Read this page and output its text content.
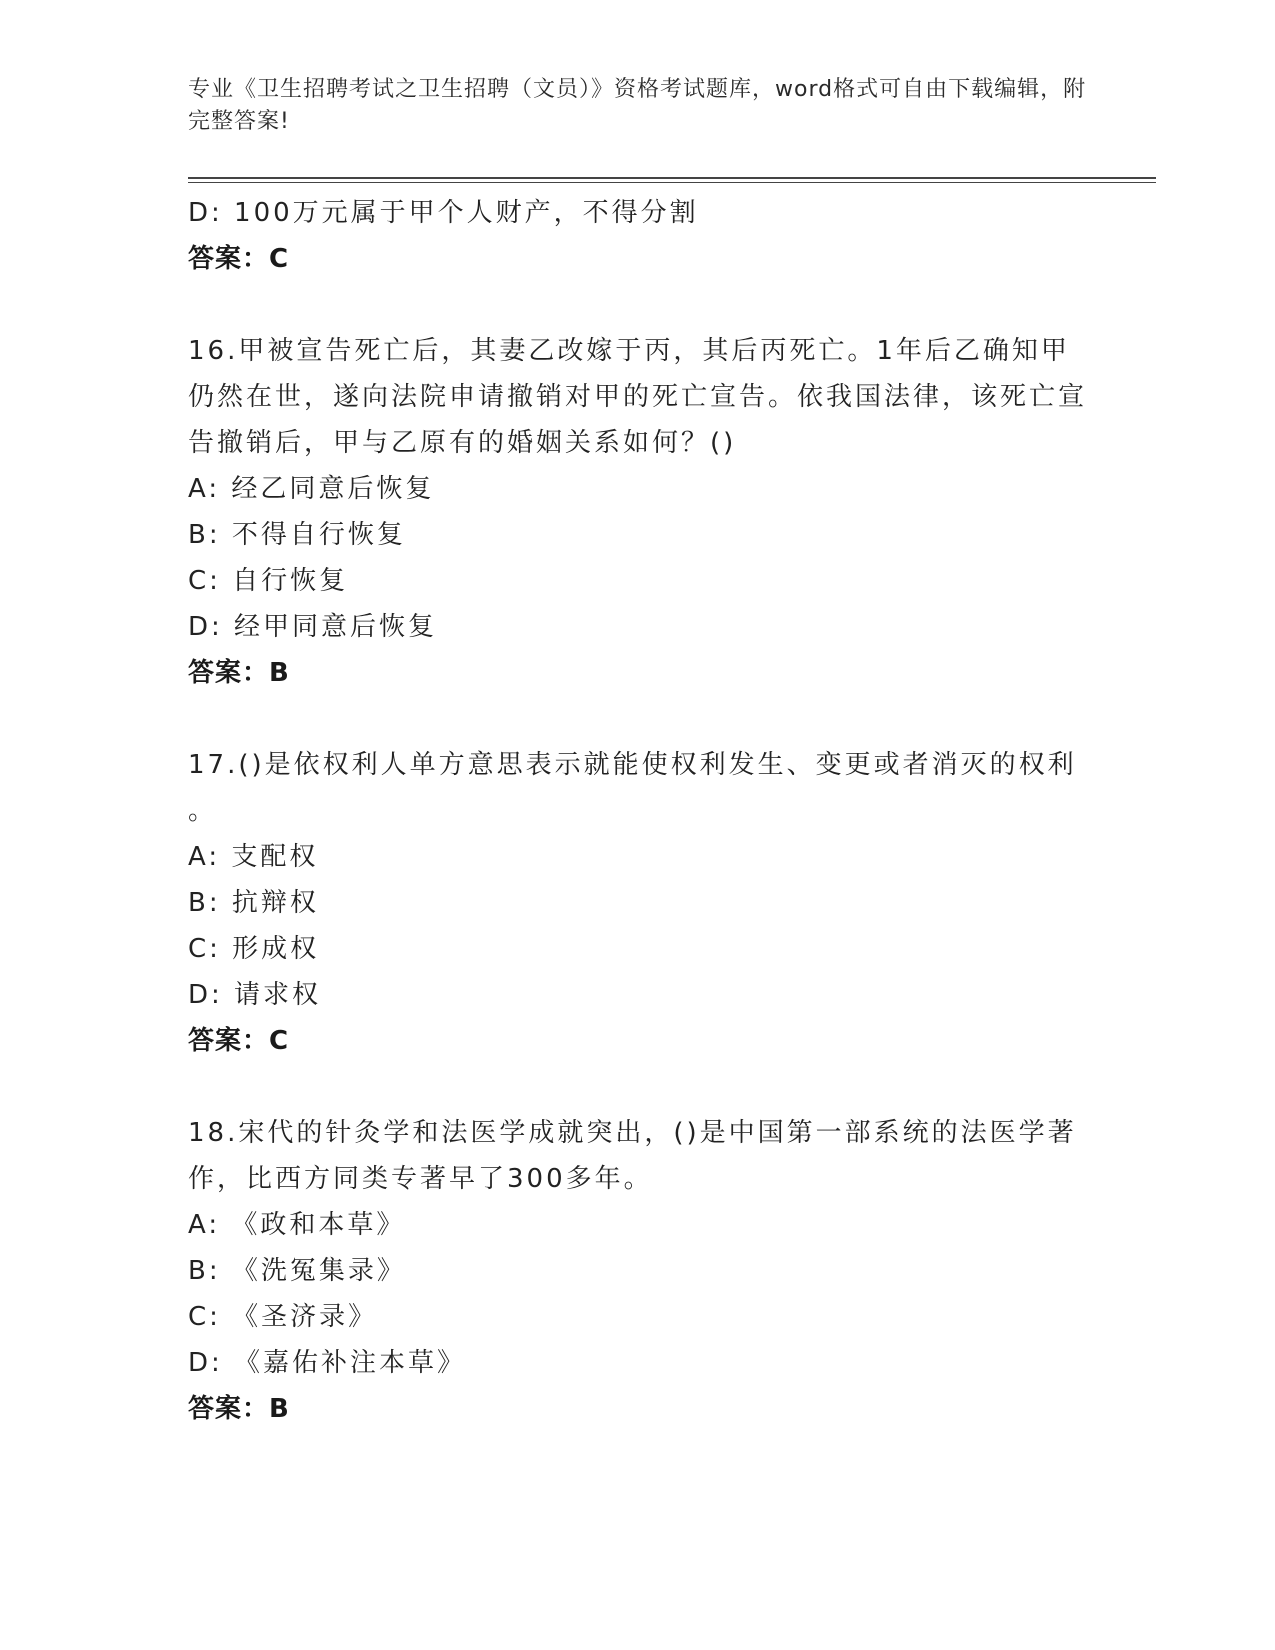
专业《卫生招聘考试之卫生招聘（文员）》资格考试题库，word格式可自由下载编辑，附完整答案!
D: 100万元属于甲个人财产，不得分割
答案：C
16.甲被宣告死亡后，其妻乙改嫁于丙，其后丙死亡。1年后乙确知甲仍然在世，遂向法院申请撤销对甲的死亡宣告。依我国法律，该死亡宣告撤销后，甲与乙原有的婚姻关系如何？()
A: 经乙同意后恢复
B: 不得自行恢复
C: 自行恢复
D: 经甲同意后恢复
答案：B
17.()是依权利人单方意思表示就能使权利发生、变更或者消灭的权利
。
A: 支配权
B: 抗辩权
C: 形成权
D: 请求权
答案：C
18.宋代的针灸学和法医学成就突出，()是中国第一部系统的法医学著作，比西方同类专著早了300多年。
A: 《政和本草》
B: 《洗冤集录》
C: 《圣济录》
D: 《嘉佑补注本草》
答案：B
